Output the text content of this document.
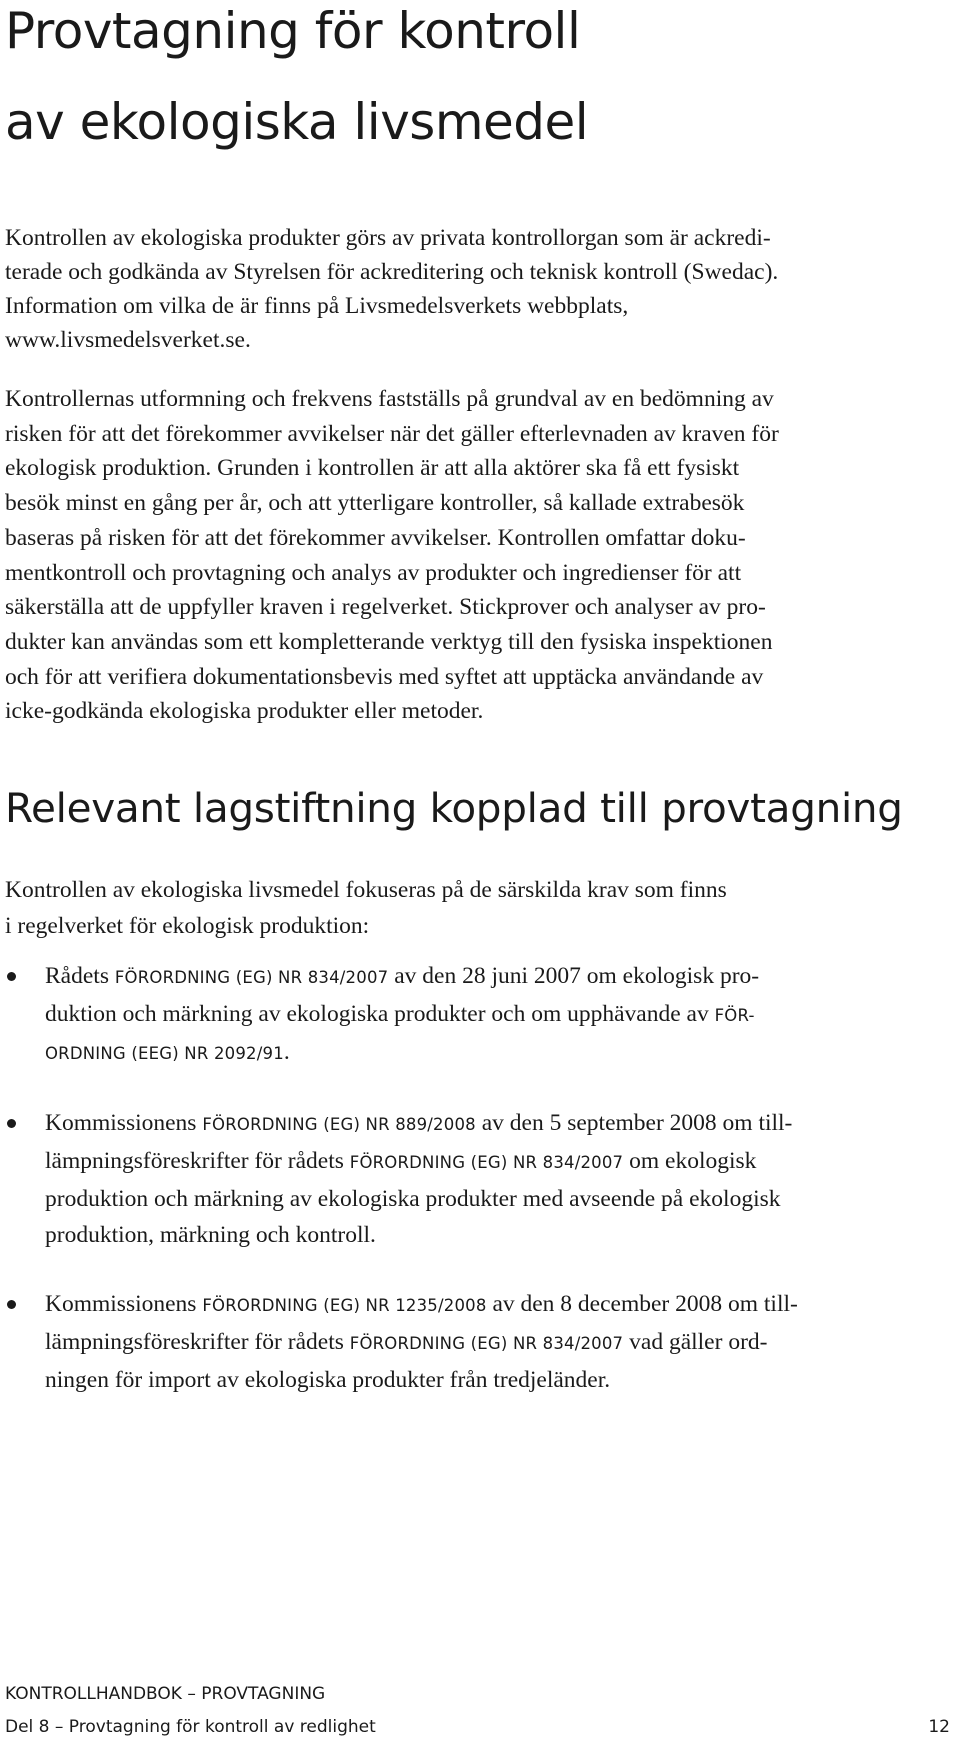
Provtagning för kontroll
av ekologiska livsmedel

Kontrollen av ekologiska produkter görs av privata kontrollorgan som är ackredi-
terade och godkända av Styrelsen för ackreditering och teknisk kontroll (Swedac).
Information om vilka de är finns på Livsmedelsverkets webbplats,
www.livsmedelsverket.se.

Kontrollernas utformning och frekvens fastställs på grundval av en bedömning av
risken för att det förekommer avvikelser när det gäller efterlevnaden av kraven för
ekologisk produktion. Grunden i kontrollen är att alla aktörer ska få ett fysiskt
besök minst en gång per år, och att ytterligare kontroller, så kallade extrabesök
baseras på risken för att det förekommer avvikelser. Kontrollen omfattar doku-
mentkontroll och provtagning och analys av produkter och ingredienser för att
säkerställa att de uppfyller kraven i regelverket. Stickprover och analyser av pro-
dukter kan användas som ett kompletterande verktyg till den fysiska inspektionen
och för att verifiera dokumentationsbevis med syftet att upptäcka användande av
icke-godkända ekologiska produkter eller metoder.

Relevant lagstiftning kopplad till provtagning

Kontrollen av ekologiska livsmedel fokuseras på de särskilda krav som finns
i regelverket för ekologisk produktion:

Rådets FÖRORDNING (EG) NR 834/2007 av den 28 juni 2007 om ekologisk pro-
duktion och märkning av ekologiska produkter och om upphävande av FÖR-
ORDNING (EEG) NR 2092/91.
Kommissionens FÖRORDNING (EG) NR 889/2008 av den 5 september 2008 om till-
lämpningsföreskrifter för rådets FÖRORDNING (EG) NR 834/2007 om ekologisk
produktion och märkning av ekologiska produkter med avseende på ekologisk
produktion, märkning och kontroll.
Kommissionens FÖRORDNING (EG) NR 1235/2008 av den 8 december 2008 om till-
lämpningsföreskrifter för rådets FÖRORDNING (EG) NR 834/2007 vad gäller ord-
ningen för import av ekologiska produkter från tredjeländer.
KONTROLLHANDBOK – PROVTAGNING
Del 8 – Provtagning för kontroll av redlighet	12
